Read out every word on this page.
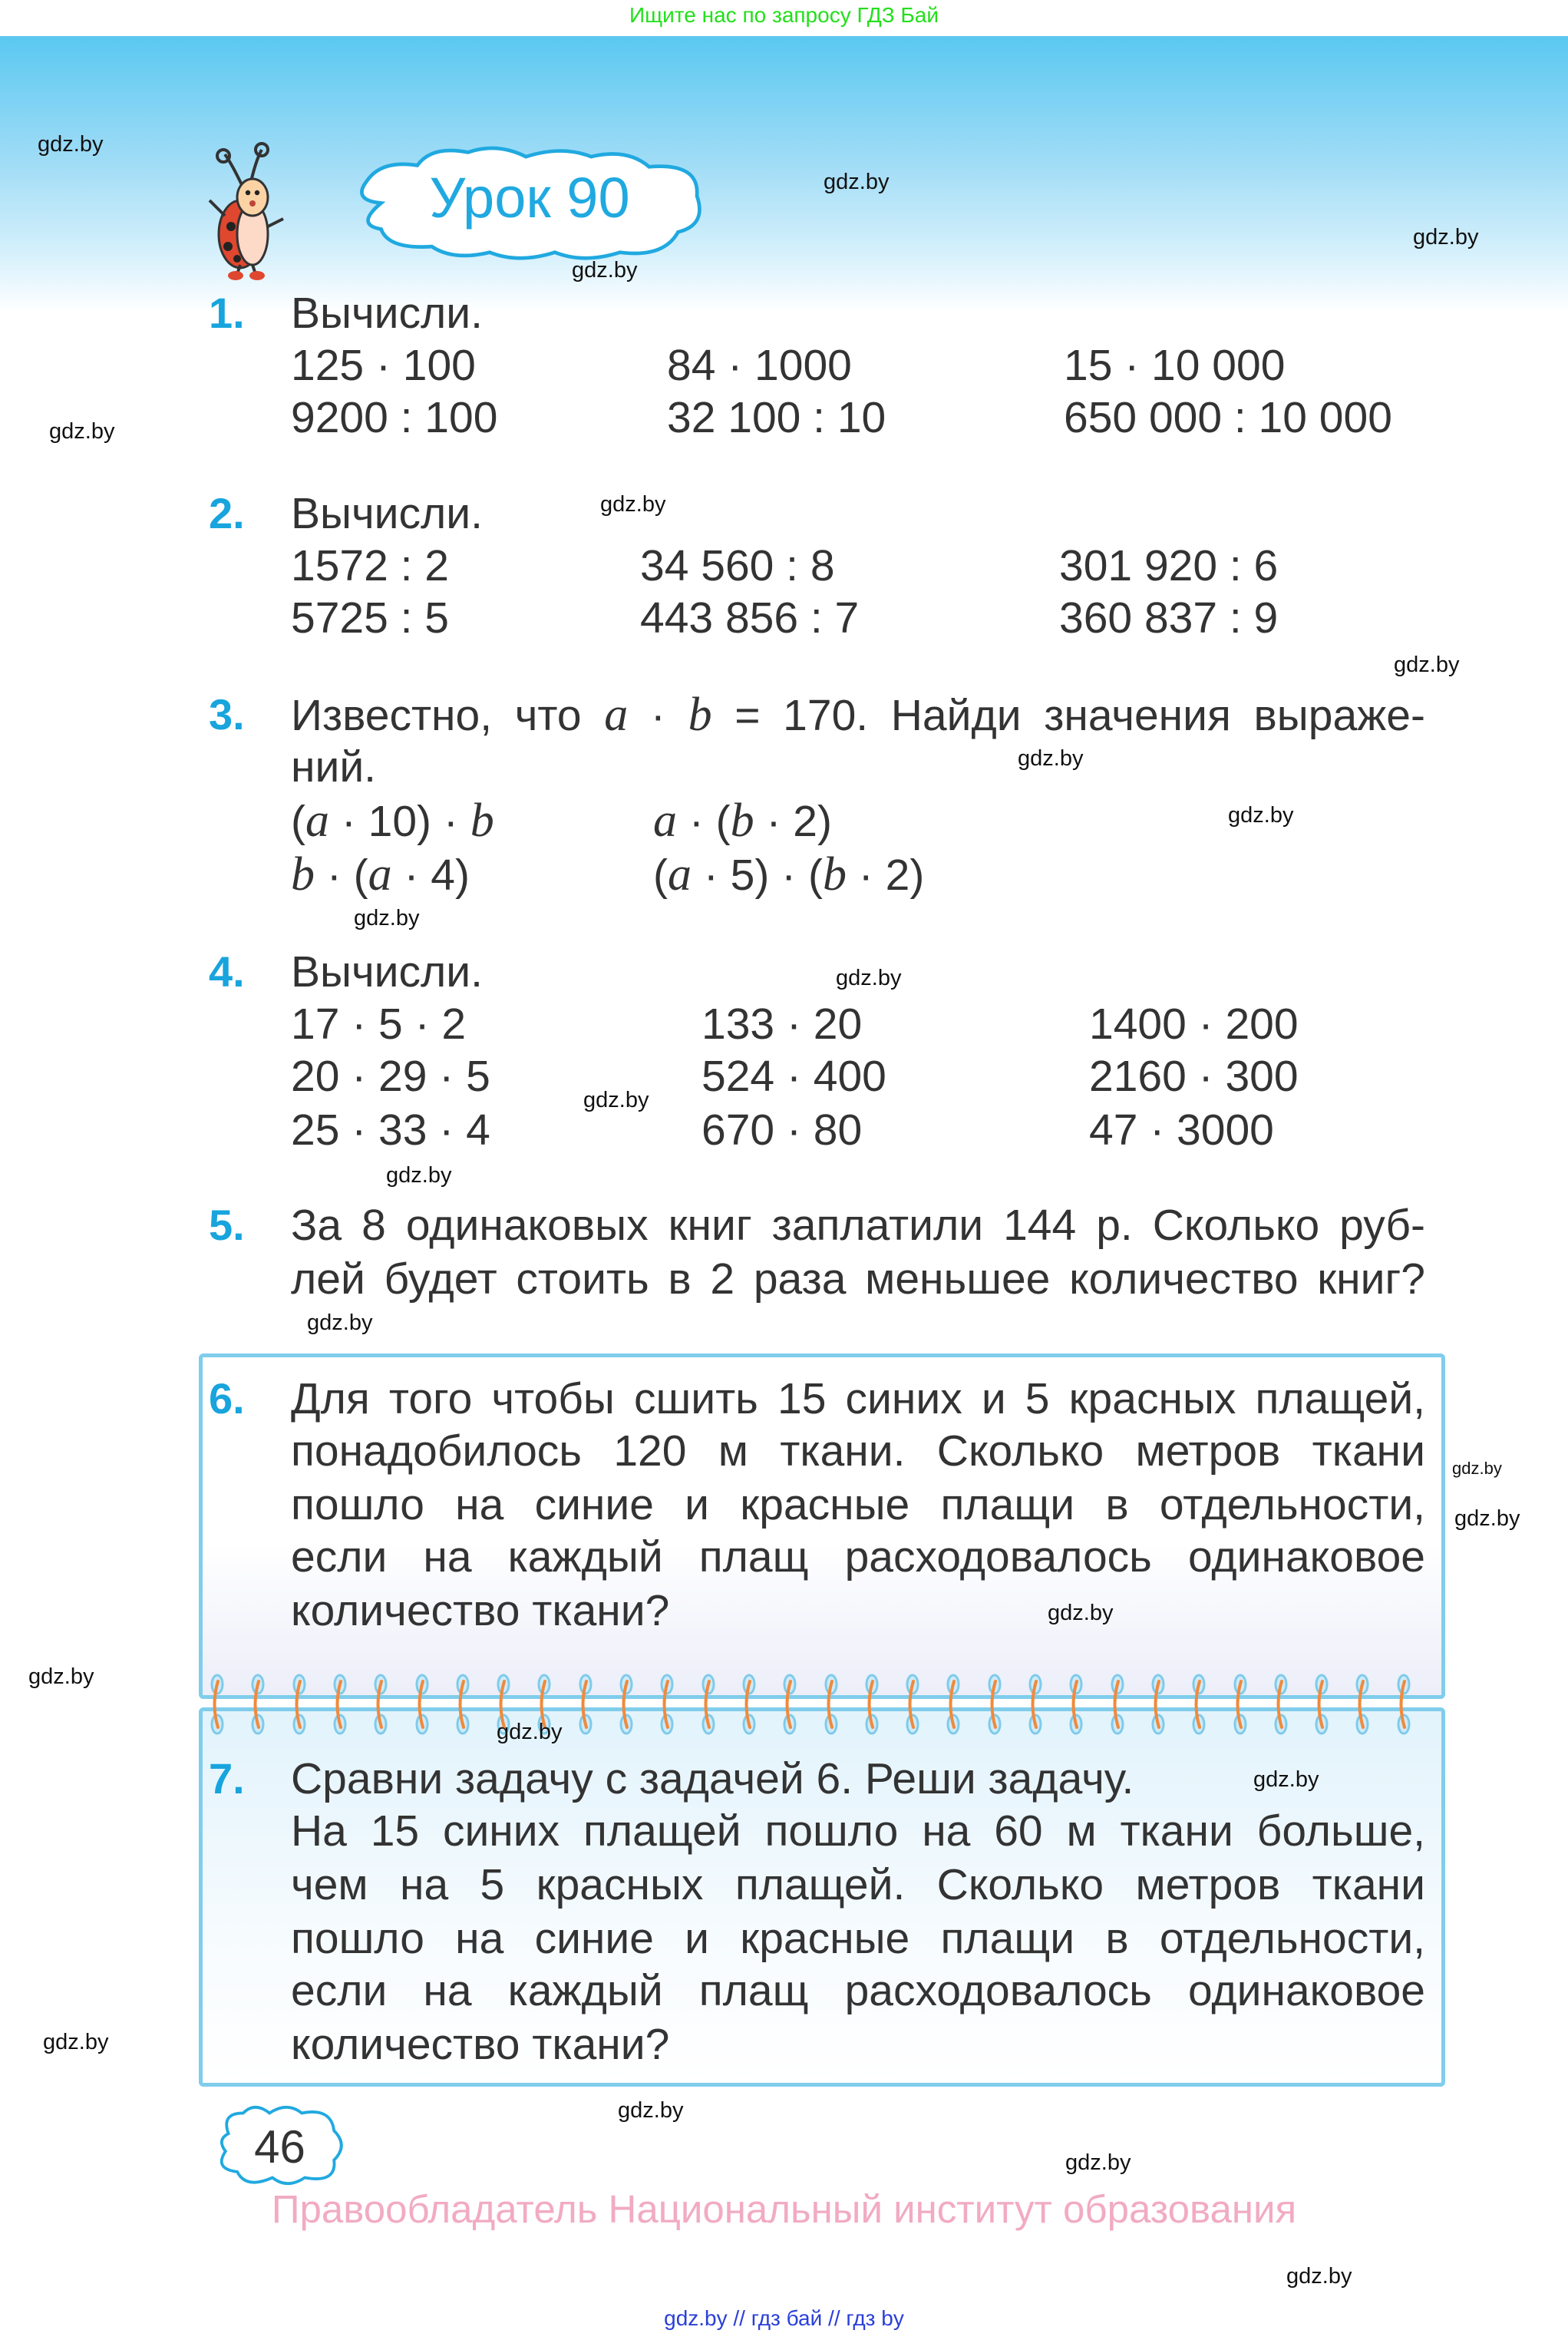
Ищите нас по запросу ГДЗ Бай
Урок 90
1. Вычисли.
125 · 100	84 · 1000	15 · 10 000
9200 : 100	32 100 : 10	650 000 : 10 000
2. Вычисли.
1572 : 2	34 560 : 8	301 920 : 6
5725 : 5	443 856 : 7	360 837 : 9
3. Известно, что a · b = 170. Найди значения выраже-
ний.
(a · 10) · b	a · (b · 2)
b · (a · 4)	(a · 5) · (b · 2)
4. Вычисли.
17 · 5 · 2	133 · 20	1400 · 200
20 · 29 · 5	524 · 400	2160 · 300
25 · 33 · 4	670 · 80	47 · 3000
5. За 8 одинаковых книг заплатили 144 р. Сколько руб-
лей будет стоить в 2 раза меньшее количество книг?
6. Для того чтобы сшить 15 синих и 5 красных плащей,
понадобилось 120 м ткани. Сколько метров ткани
пошло на синие и красные плащи в отдельности,
если на каждый плащ расходовалось одинаковое
количество ткани?
7. Сравни задачу с задачей 6. Реши задачу.
На 15 синих плащей пошло на 60 м ткани больше,
чем на 5 красных плащей. Сколько метров ткани
пошло на синие и красные плащи в отдельности,
если на каждый плащ расходовалось одинаковое
количество ткани?
46
Правообладатель Национальный институт образования
gdz.by // гдз бай // гдз by
gdz.by
gdz.by
gdz.by
gdz.by
gdz.by
gdz.by
gdz.by
gdz.by
gdz.by
gdz.by
gdz.by
gdz.by
gdz.by
gdz.by
gdz.by
gdz.by
gdz.by
gdz.by
gdz.by
gdz.by
gdz.by
gdz.by
gdz.by
gdz.by
